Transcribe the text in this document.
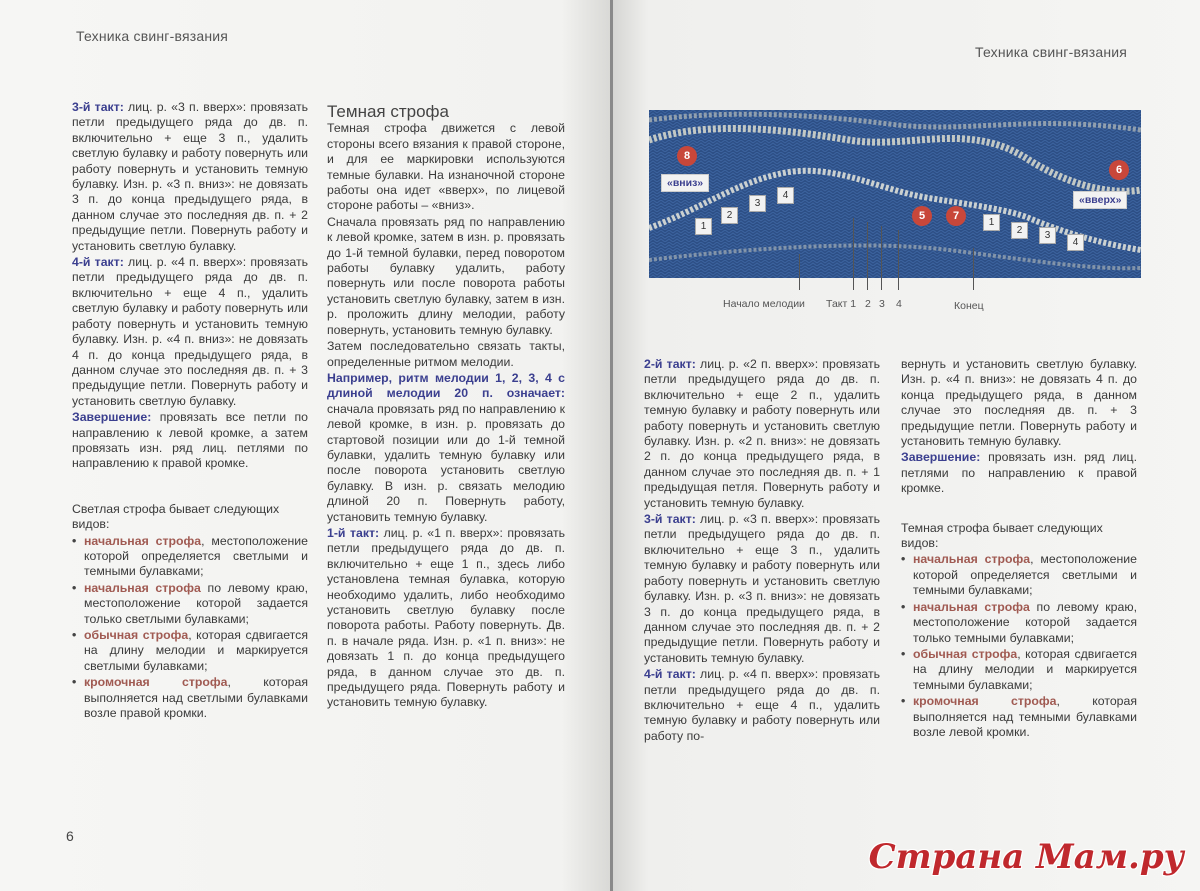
Техника свинг-вязания

3-й такт: лиц. р. «3 п. вверх»: провязать петли предыдущего ряда до дв. п. включительно + еще 3 п., удалить светлую булавку и работу повернуть или работу повернуть и установить темную булавку. Изн. р. «3 п. вниз»: не довязать 3 п. до конца предыдущего ряда, в данном случае это последняя дв. п. + 2 предыдущие петли. Повернуть работу и установить светлую булавку.

4-й такт: лиц. р. «4 п. вверх»: провязать петли предыдущего ряда до дв. п. включительно + еще 4 п., удалить светлую булавку и работу повернуть или работу повернуть и установить темную булавку. Изн. р. «4 п. вниз»: не довязать 4 п. до конца предыдущего ряда, в данном случае это последняя дв. п. + 3 предыдущие петли. Повернуть работу и установить светлую булавку.

Завершение: провязать все петли по направлению к левой кромке, а затем провязать изн. ряд лиц. петлями по направлению к правой кромке.

Светлая строфа бывает следующих видов:

• начальная строфа, местоположение которой определяется светлыми и темными булавками;
• начальная строфа по левому краю, местоположение которой задается только светлыми булавками;
• обычная строфа, которая сдвигается на длину мелодии и маркируется светлыми булавками;
• кромочная строфа, которая выполняется над светлыми булавками возле правой кромки.
Темная строфа

Темная строфа движется с левой стороны всего вязания к правой стороне, и для ее маркировки используются темные булавки. На изнаночной стороне работы она идет «вверх», по лицевой стороне работы – «вниз».

Сначала провязать ряд по направлению к левой кромке, затем в изн. р. провязать до 1-й темной булавки, перед поворотом работы булавку удалить, работу повернуть или после поворота работы установить светлую булавку, затем в изн. р. проложить длину мелодии, работу повернуть, установить темную булавку.

Затем последовательно связать такты, определенные ритмом мелодии.

Например, ритм мелодии 1, 2, 3, 4 с длиной мелодии 20 п. означает: сначала провязать ряд по направлению к левой кромке, в изн. р. провязать до стартовой позиции или до 1-й темной булавки, удалить темную булавку или после поворота установить светлую булавку. В изн. р. связать мелодию длиной 20 п. Повернуть работу, установить темную булавку.

1-й такт: лиц. р. «1 п. вверх»: провязать петли предыдущего ряда до дв. п. включительно + еще 1 п., здесь либо установлена темная булавка, которую необходимо удалить, либо необходимо установить светлую булавку после поворота работы. Работу повернуть. Дв. п. в начале ряда. Изн. р. «1 п. вниз»: не довязать 1 п. до конца предыдущего ряда, в данном случае это дв. п. предыдущего ряда. Повернуть работу и установить темную булавку.

6
Техника свинг-вязания
8
6
5	7
«вниз»
«вверх»
1
2
3
4
1
2	3
4
Начало мелодии Такт 1 2 3 4	Конец

2-й такт: лиц. р. «2 п. вверх»: провязать петли предыдущего ряда до дв. п. включительно + еще 2 п., удалить темную булавку и работу повернуть или работу повернуть и установить светлую булавку. Изн. р. «2 п. вниз»: не довязать 2 п. до конца предыдущего ряда, в данном случае это последняя дв. п. + 1 предыдущая петля. Повернуть работу и установить темную булавку.

3-й такт: лиц. р. «3 п. вверх»: провязать петли предыдущего ряда до дв. п. включительно + еще 3 п., удалить темную булавку и работу повернуть или работу повернуть и установить светлую булавку. Изн. р. «3 п. вниз»: не довязать 3 п. до конца предыдущего ряда, в данном случае это последняя дв. п. + 2 предыдущие петли. Повернуть работу и установить темную булавку.

4-й такт: лиц. р. «4 п. вверх»: провязать петли предыдущего ряда до дв. п. включительно + еще 4 п., удалить темную булавку и работу повернуть или работу по-

вернуть и установить светлую булавку. Изн. р. «4 п. вниз»: не довязать 4 п. до конца предыдущего ряда, в данном случае это последняя дв. п. + 3 предыдущие петли. Повернуть работу и установить темную булавку.

Завершение: провязать изн. ряд лиц. петлями по направлению к правой кромке.

Темная строфа бывает следующих видов:

• начальная строфа, местоположение которой определяется светлыми и темными булавками;
• начальная строфа по левому краю, местоположение которой задается только темными булавками;
• обычная строфа, которая сдвигается на длину мелодии и маркируется темными булавками;
• кромочная строфа, которая выполняется над темными булавками возле левой кромки.
Страна Мам.ру
